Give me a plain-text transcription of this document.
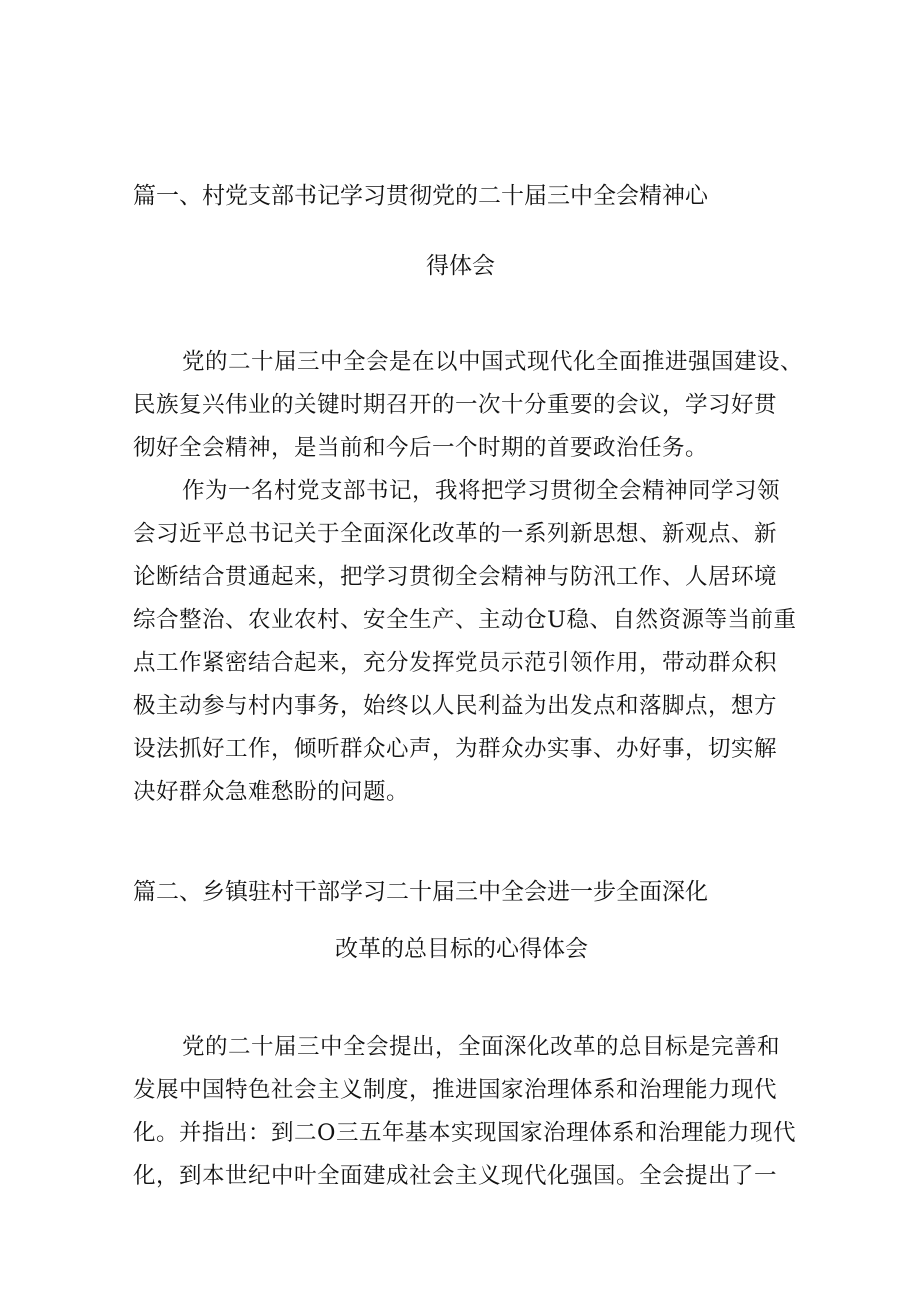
篇一、村党支部书记学习贯彻党的二十届三中全会精神心
得体会
党的二十届三中全会是在以中国式现代化全面推进强国建设、
民族复兴伟业的关键时期召开的一次十分重要的会议，学习好贯
彻好全会精神，是当前和今后一个时期的首要政治任务。
作为一名村党支部书记，我将把学习贯彻全会精神同学习领
会习近平总书记关于全面深化改革的一系列新思想、新观点、新
论断结合贯通起来，把学习贯彻全会精神与防汛工作、人居环境
综合整治、农业农村、安全生产、主动仓U稳、自然资源等当前重
点工作紧密结合起来，充分发挥党员示范引领作用，带动群众积
极主动参与村内事务，始终以人民利益为出发点和落脚点，想方
设法抓好工作，倾听群众心声，为群众办实事、办好事，切实解
决好群众急难愁盼的问题。
篇二、乡镇驻村干部学习二十届三中全会进一步全面深化
改革的总目标的心得体会
党的二十届三中全会提出，全面深化改革的总目标是完善和
发展中国特色社会主义制度，推进国家治理体系和治理能力现代
化。并指出：到二O三五年基本实现国家治理体系和治理能力现代
化，到本世纪中叶全面建成社会主义现代化强国。全会提出了一
